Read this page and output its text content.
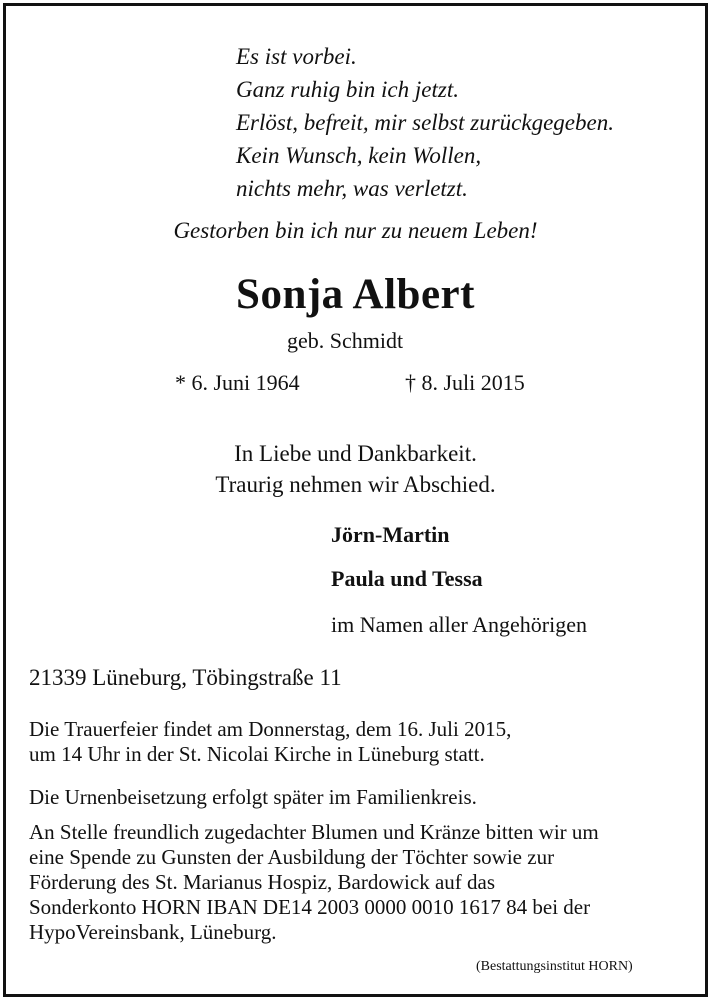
Es ist vorbei.
Ganz ruhig bin ich jetzt.
Erlöst, befreit, mir selbst zurückgegeben.
Kein Wunsch, kein Wollen,
nichts mehr, was verletzt.
Gestorben bin ich nur zu neuem Leben!
Sonja Albert
geb. Schmidt
* 6. Juni 1964	† 8. Juli 2015
In Liebe und Dankbarkeit.
Traurig nehmen wir Abschied.
Jörn-Martin
Paula und Tessa
im Namen aller Angehörigen
21339 Lüneburg, Töbingstraße 11
Die Trauerfeier findet am Donnerstag, dem 16. Juli 2015,
um 14 Uhr in der St. Nicolai Kirche in Lüneburg statt.
Die Urnenbeisetzung erfolgt später im Familienkreis.
An Stelle freundlich zugedachter Blumen und Kränze bitten wir um
eine Spende zu Gunsten der Ausbildung der Töchter sowie zur
Förderung des St. Marianus Hospiz, Bardowick auf das
Sonderkonto HORN IBAN DE14 2003 0000 0010 1617 84 bei der
HypoVereinsbank, Lüneburg.
(Bestattungsinstitut HORN)
